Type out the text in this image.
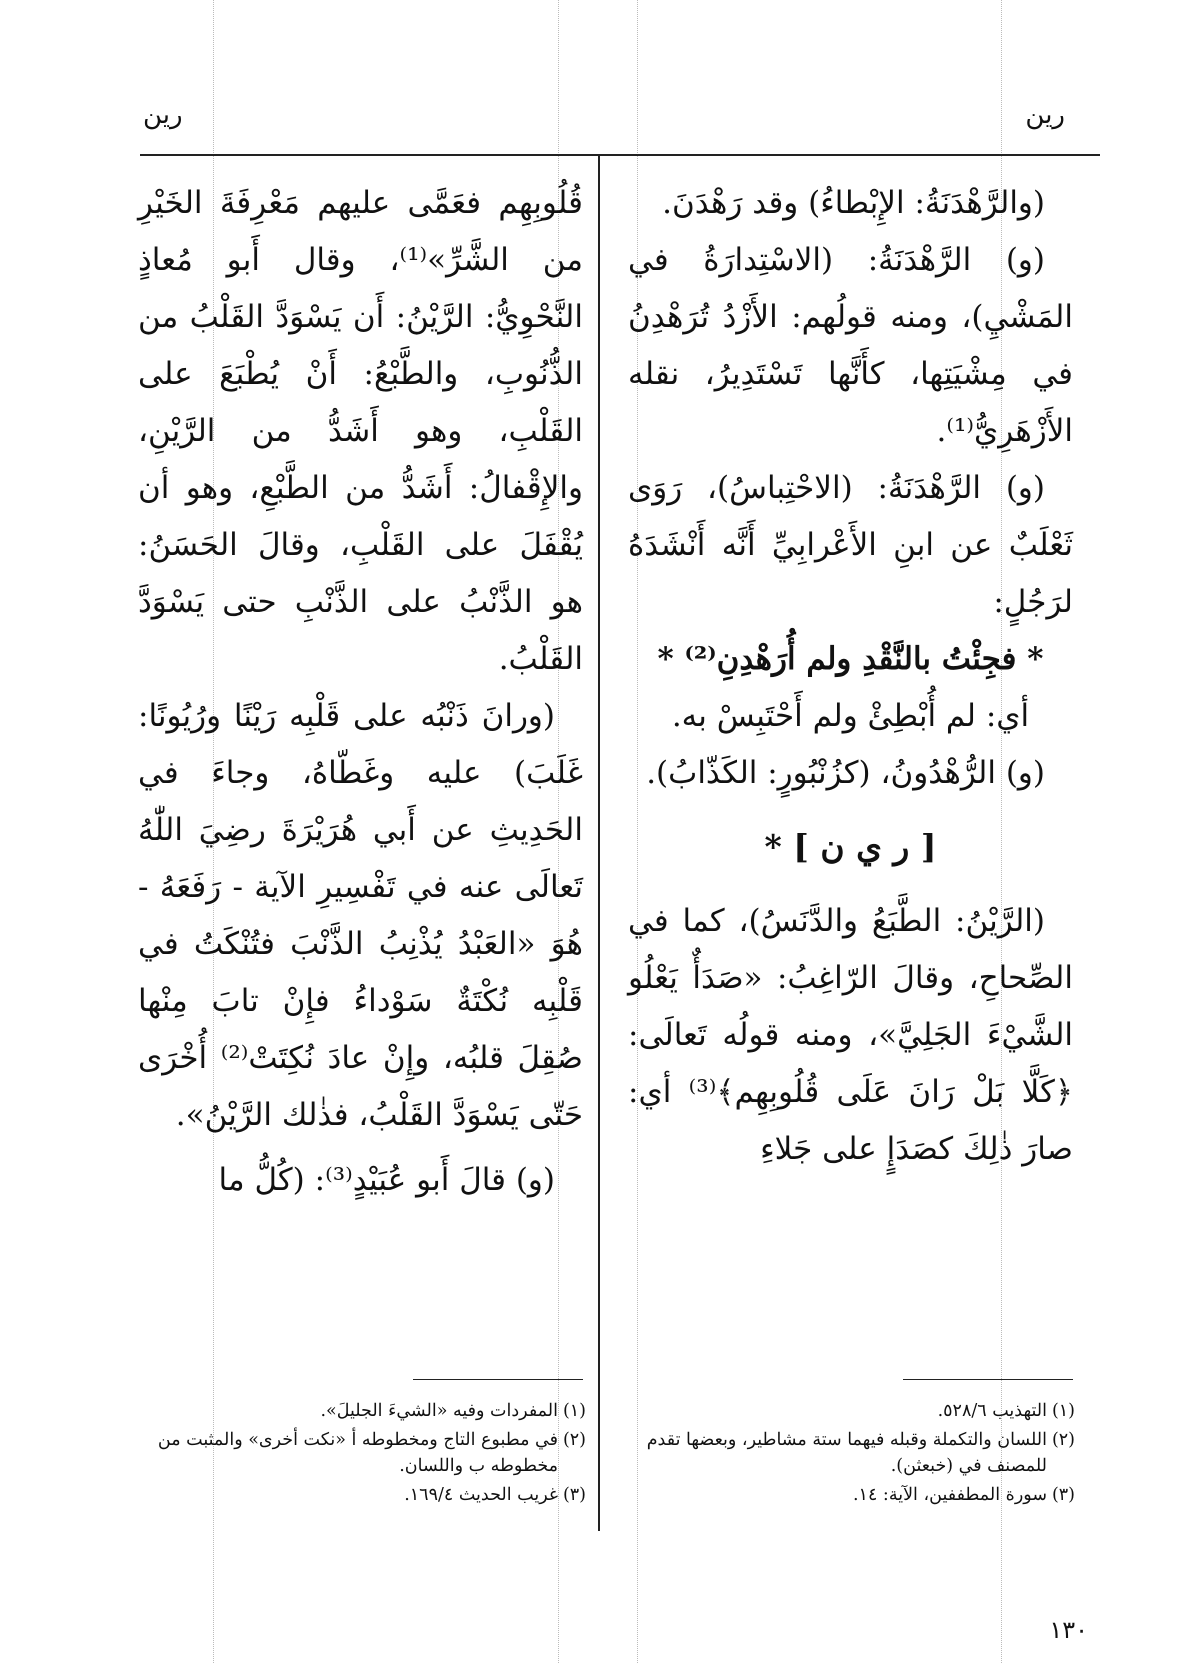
رين
رين

(والرَّهْدَنَةُ: الإِبْطاءُ) وقد رَهْدَنَ.

(و) الرَّهْدَنَةُ: (الاسْتِدارَةُ في المَشْيِ)، ومنه قولُهم: الأَزْدُ تُرَهْدِنُ في مِشْيَتِها، كأَنَّها تَسْتَدِيرُ، نقله الأَزْهَرِيُّ⁽¹⁾.

(و) الرَّهْدَنَةُ: (الاحْتِباسُ)، رَوَى ثَعْلَبٌ عن ابنِ الأَعْرابِيِّ أَنَّه أَنْشَدَهُ لرَجُلٍ:

* فجِئْتُ بالنَّقْدِ ولم أُرَهْدِنِ⁽²⁾ *

أي: لم أُبْطِئْ ولم أَحْتَبِسْ به.

(و) الرُّهْدُونُ، (كزُنْبُورٍ: الكَذّابُ).

[ ر ي ن ] *

(الرَّيْنُ: الطَّبَعُ والدَّنَسُ)، كما في الصِّحاحِ، وقالَ الرّاغِبُ: «صَدَأٌ يَعْلُو الشَّيْءَ الجَلِيَّ»، ومنه قولُه تَعالَى: ﴿كَلَّا بَلْ رَانَ عَلَى قُلُوبِهِم﴾⁽³⁾ أي: صارَ ذٰلِكَ كصَدَإٍ على جَلاءِ

قُلُوبِهِم فعَمَّى عليهم مَعْرِفَةَ الخَيْرِ من الشَّرِّ»⁽¹⁾، وقال أَبو مُعاذٍ النَّحْوِيُّ: الرَّيْنُ: أَن يَسْوَدَّ القَلْبُ من الذُّنُوبِ، والطَّبْعُ: أَنْ يُطْبَعَ على القَلْبِ، وهو أَشَدُّ من الرَّيْنِ، والإِقْفالُ: أَشَدُّ من الطَّبْعِ، وهو أن يُقْفَلَ على القَلْبِ، وقالَ الحَسَنُ: هو الذَّنْبُ على الذَّنْبِ حتى يَسْوَدَّ القَلْبُ.

(ورانَ ذَنْبُه على قَلْبِه رَيْنًا ورُيُونًا: غَلَبَ) عليه وغَطّاهُ، وجاءَ في الحَدِيثِ عن أَبي هُرَيْرَةَ رضِيَ اللّٰهُ تَعالَى عنه في تَفْسِيرِ الآية - رَفَعَهُ - هُوَ «العَبْدُ يُذْنِبُ الذَّنْبَ فتُنْكَتُ في قَلْبِه نُكْتَةٌ سَوْداءُ فإِنْ تابَ مِنْها صُقِلَ قلبُه، وإِنْ عادَ نُكِتَتْ⁽²⁾ أُخْرَى حَتّى يَسْوَدَّ القَلْبُ، فذٰلك الرَّيْنُ».

(و) قالَ أَبو عُبَيْدٍ⁽³⁾: (كُلُّ ما

(١)
التهذيب ٥٢٨/٦.

(٢)
اللسان والتكملة وقبله فيهما ستة مشاطير، وبعضها تقدم للمصنف في (خبعثن).

(٣)
سورة المطففين، الآية: ١٤.

(١)
المفردات وفيه «الشيءَ الجليلَ».

(٢)
في مطبوع التاج ومخطوطه أ «نكت أخرى» والمثبت من مخطوطه ب واللسان.

(٣)
غريب الحديث ١٦٩/٤.

١٣٠
